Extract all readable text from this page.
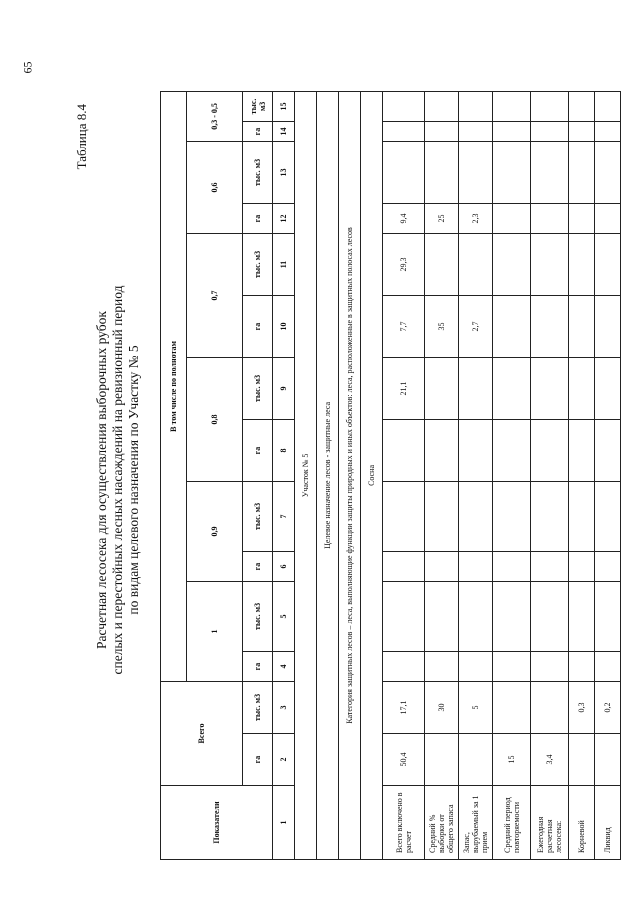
65
Таблица 8.4
Расчетная лесосека для осуществления выборочных рубок спелых и перестойных лесных насаждений на ревизионный период по видам целевого назначения по Участку № 5
Показатели	Всего		В том числе по полнотам												
			1		0,9		0,8		0,7		0,6		0,3 - 0,5		
	га	тыс. м3	га	тыс. м3	га	тыс. м3	га	тыс. м3	га	тыс. м3	га	тыс. м3	га	тыс. м3	
1	2	3	4	5	6	7	8	9	10	11	12	13	14	15	
Участок № 5															
Целевое назначение лесов - защитные леса															
Категория защитных лесов – леса, выполняющие функции защиты природных и иных объектов: леса, расположенные в защитных полосах лесов															
Сосна															
Всего включено в расчет	50,4	17,1						21,1	7,7	29,3	9,4				
Средний % выборки от общего запаса		30							35		25				
Запас, вырубаемый за 1 прием		5							2,7		2,3				
Средний период повторяемости	15														
Ежегодная расчетная лесосека:	3,4														
Корневой		0,3													
Ликвид		0,2													
